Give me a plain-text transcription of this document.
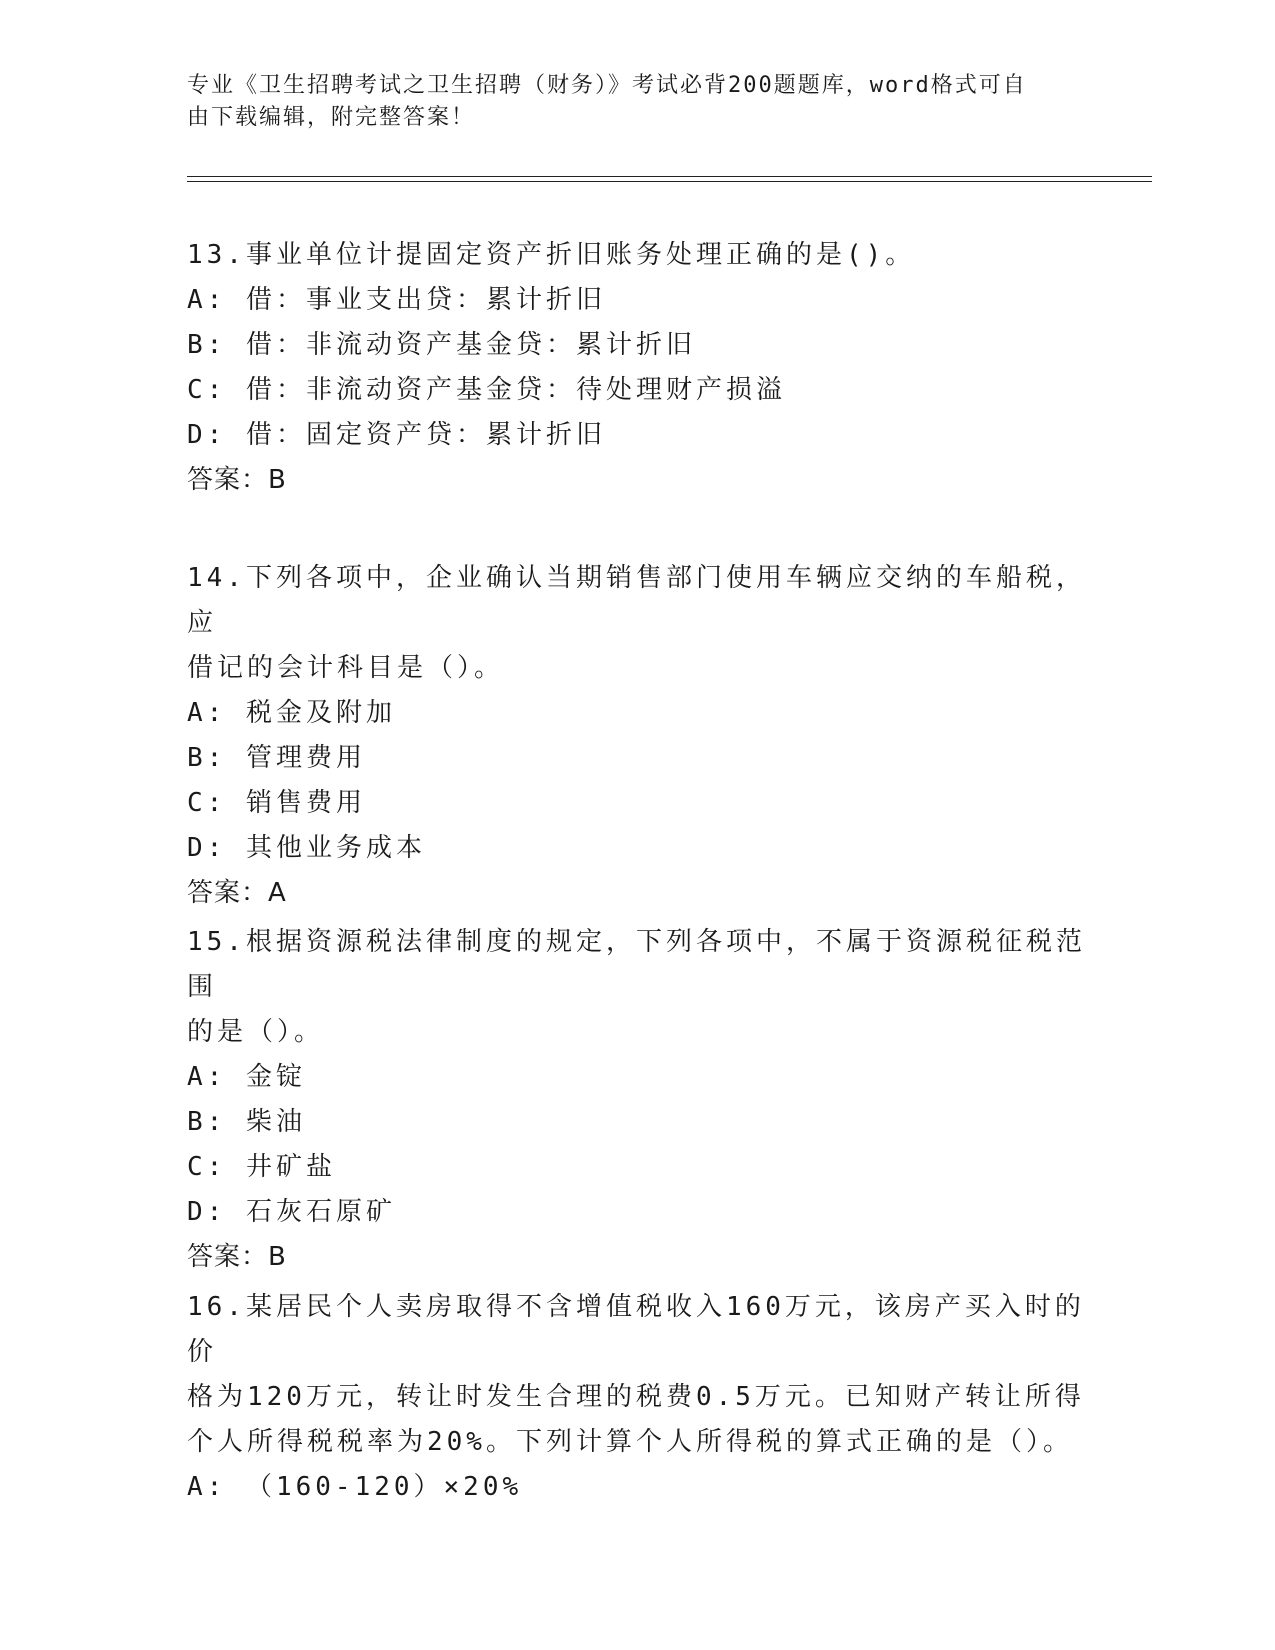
专业《卫生招聘考试之卫生招聘（财务）》考试必背200题题库，word格式可自
由下载编辑，附完整答案！

13.事业单位计提固定资产折旧账务处理正确的是()。

A: 借：事业支出贷：累计折旧

B: 借：非流动资产基金贷：累计折旧

C: 借：非流动资产基金贷：待处理财产损溢

D: 借：固定资产贷：累计折旧

答案：B

14.下列各项中，企业确认当期销售部门使用车辆应交纳的车船税，应

借记的会计科目是（）。

A: 税金及附加

B: 管理费用

C: 销售费用

D: 其他业务成本

答案：A

15.根据资源税法律制度的规定，下列各项中，不属于资源税征税范围

的是（）。

A: 金锭

B: 柴油

C: 井矿盐

D: 石灰石原矿

答案：B

16.某居民个人卖房取得不含增值税收入160万元，该房产买入时的价

格为120万元，转让时发生合理的税费0.5万元。已知财产转让所得

个人所得税税率为20%。下列计算个人所得税的算式正确的是（）。

A: （160-120）×20%
